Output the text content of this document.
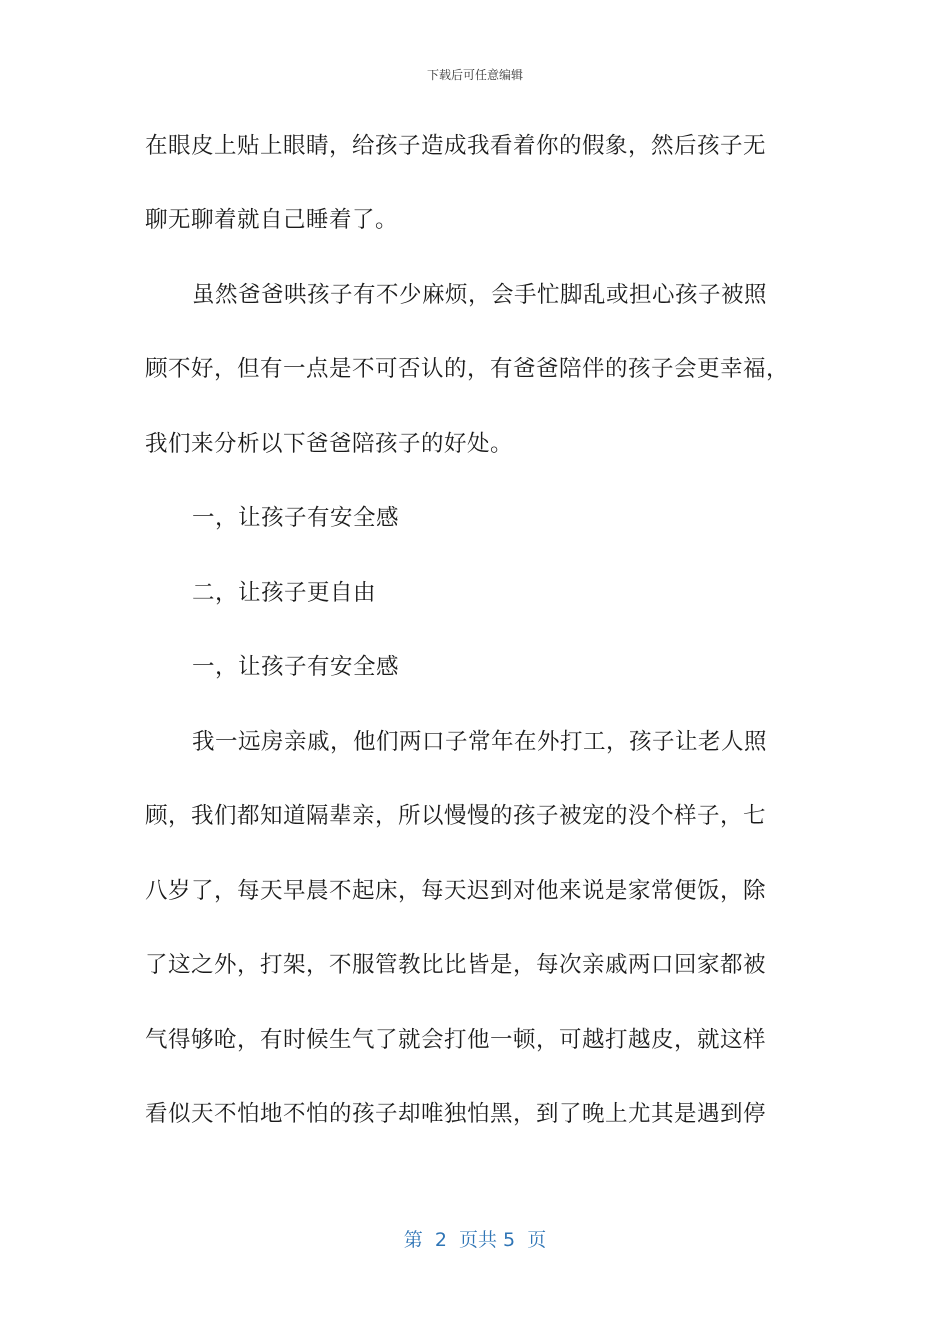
下载后可任意编辑
在眼皮上贴上眼睛，给孩子造成我看着你的假象，然后孩子无
聊无聊着就自己睡着了。
虽然爸爸哄孩子有不少麻烦，会手忙脚乱或担心孩子被照
顾不好，但有一点是不可否认的，有爸爸陪伴的孩子会更幸福，
我们来分析以下爸爸陪孩子的好处。
一，让孩子有安全感
二，让孩子更自由
一，让孩子有安全感
我一远房亲戚，他们两口子常年在外打工，孩子让老人照
顾，我们都知道隔辈亲，所以慢慢的孩子被宠的没个样子，七
八岁了，每天早晨不起床，每天迟到对他来说是家常便饭，除
了这之外，打架，不服管教比比皆是，每次亲戚两口回家都被
气得够呛，有时候生气了就会打他一顿，可越打越皮，就这样
看似天不怕地不怕的孩子却唯独怕黑，到了晚上尤其是遇到停
第  2  页共 5  页
